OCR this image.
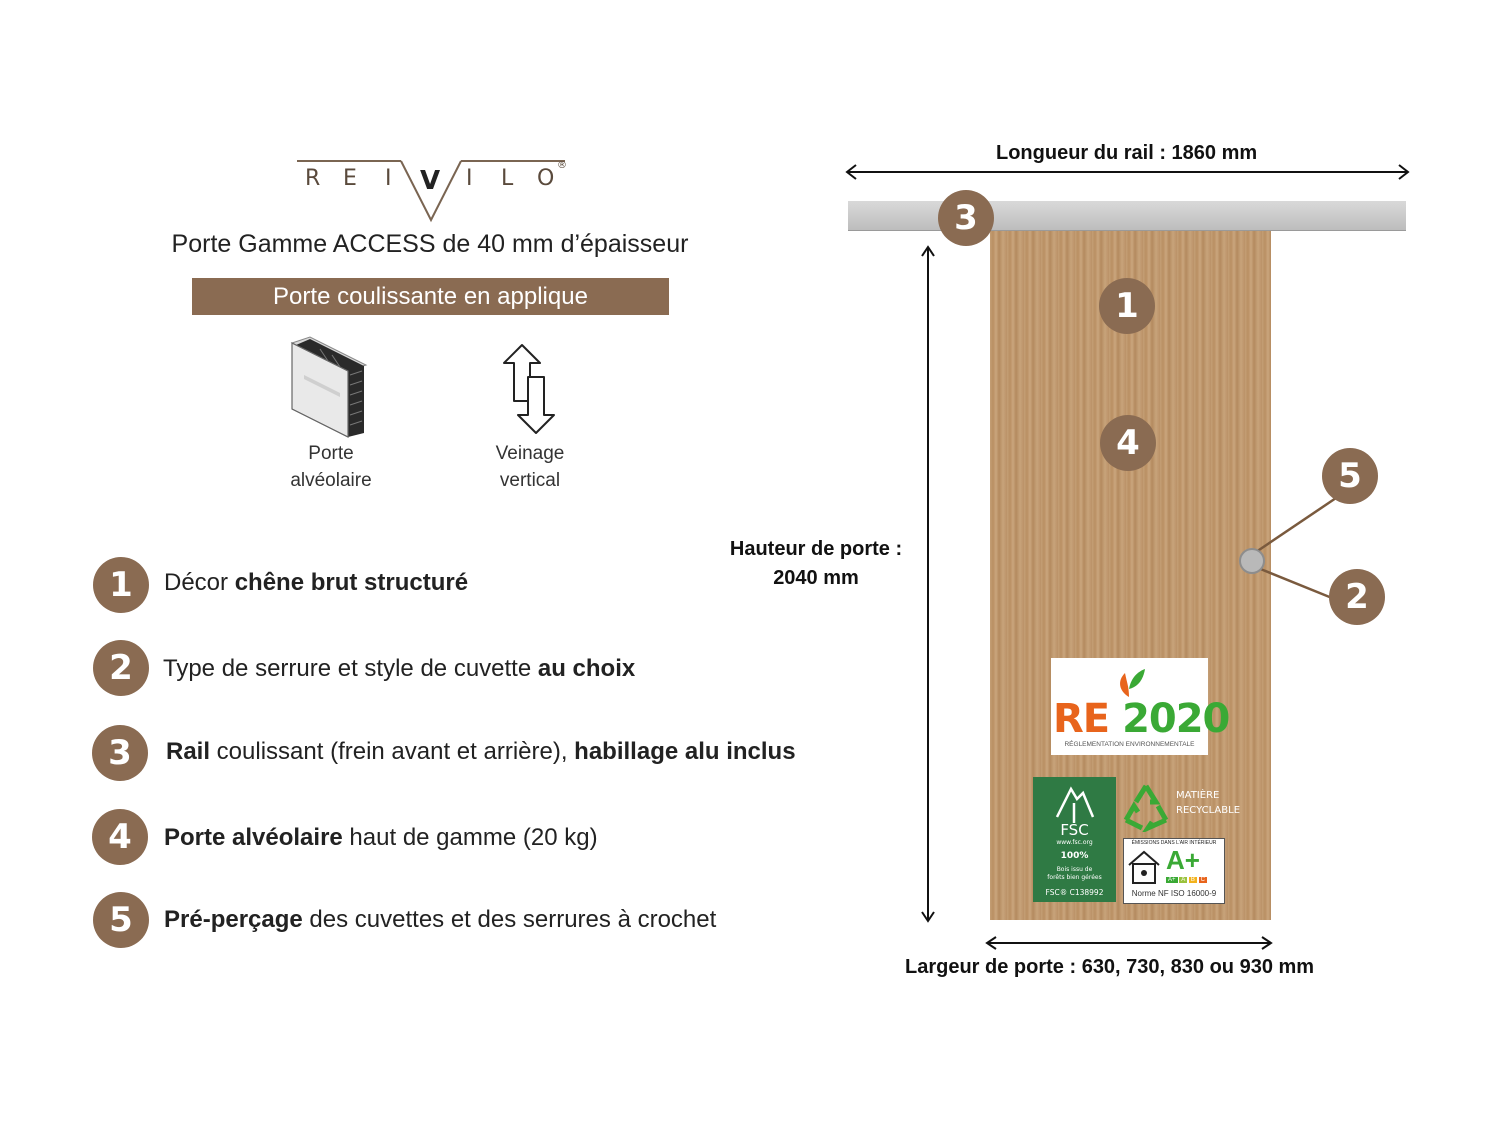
R E I V I L O
®
Porte Gamme ACCESS de 40 mm d’épaisseur
Porte coulissante en applique
Porte
alvéolaire
Veinage
vertical
1	Décor chêne brut structuré
2	Type de serrure et style de cuvette au choix
3	Rail coulissant (frein avant et arrière), habillage alu inclus
4	Porte alvéolaire haut de gamme (20 kg)
5	Pré-perçage des cuvettes et des serrures à crochet
Longueur du rail : 1860 mm
3
1
4
5
2
Hauteur de porte :
2040 mm
Largeur de porte : 630, 730, 830 ou 930 mm
RE 2020
RÉGLEMENTATION ENVIRONNEMENTALE
FSC
www.fsc.org
100%
Bois issu de
forêts bien gérées
FSC® C138992
MATIÈRE
RECYCLABLE
ÉMISSIONS DANS L’AIR INTÉRIEUR
A+
A+ A B C
Norme NF ISO 16000-9
